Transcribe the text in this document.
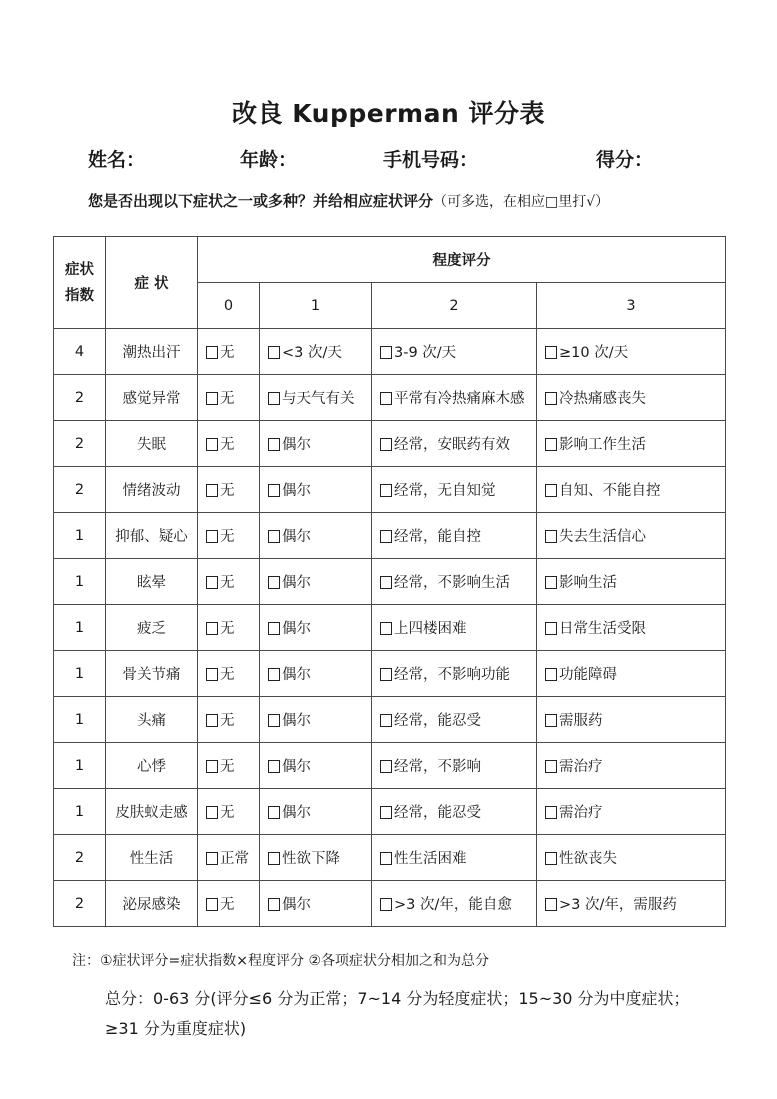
改良 Kupperman 评分表
姓名：	年龄：	手机号码：	得分：
您是否出现以下症状之一或多种？并给相应症状评分（可多选，在相应□里打√）
症状指数	症 状	程度评分			
		0	1	2	3
4	潮热出汗	无	<3 次/天	3-9 次/天	≥10 次/天
2	感觉异常	无	与天气有关	平常有冷热痛麻木感	冷热痛感丧失
2	失眠	无	偶尔	经常，安眠药有效	影响工作生活
2	情绪波动	无	偶尔	经常，无自知觉	自知、不能自控
1	抑郁、疑心	无	偶尔	经常，能自控	失去生活信心
1	眩晕	无	偶尔	经常，不影响生活	影响生活
1	疲乏	无	偶尔	上四楼困难	日常生活受限
1	骨关节痛	无	偶尔	经常，不影响功能	功能障碍
1	头痛	无	偶尔	经常，能忍受	需服药
1	心悸	无	偶尔	经常，不影响	需治疗
1	皮肤蚁走感	无	偶尔	经常，能忍受	需治疗
2	性生活	正常	性欲下降	性生活困难	性欲丧失
2	泌尿感染	无	偶尔	>3 次/年，能自愈	>3 次/年，需服药
注：①症状评分=症状指数×程度评分 ②各项症状分相加之和为总分
总分：0-63 分(评分≤6 分为正常；7~14 分为轻度症状；15~30 分为中度症状；
≥31 分为重度症状)
